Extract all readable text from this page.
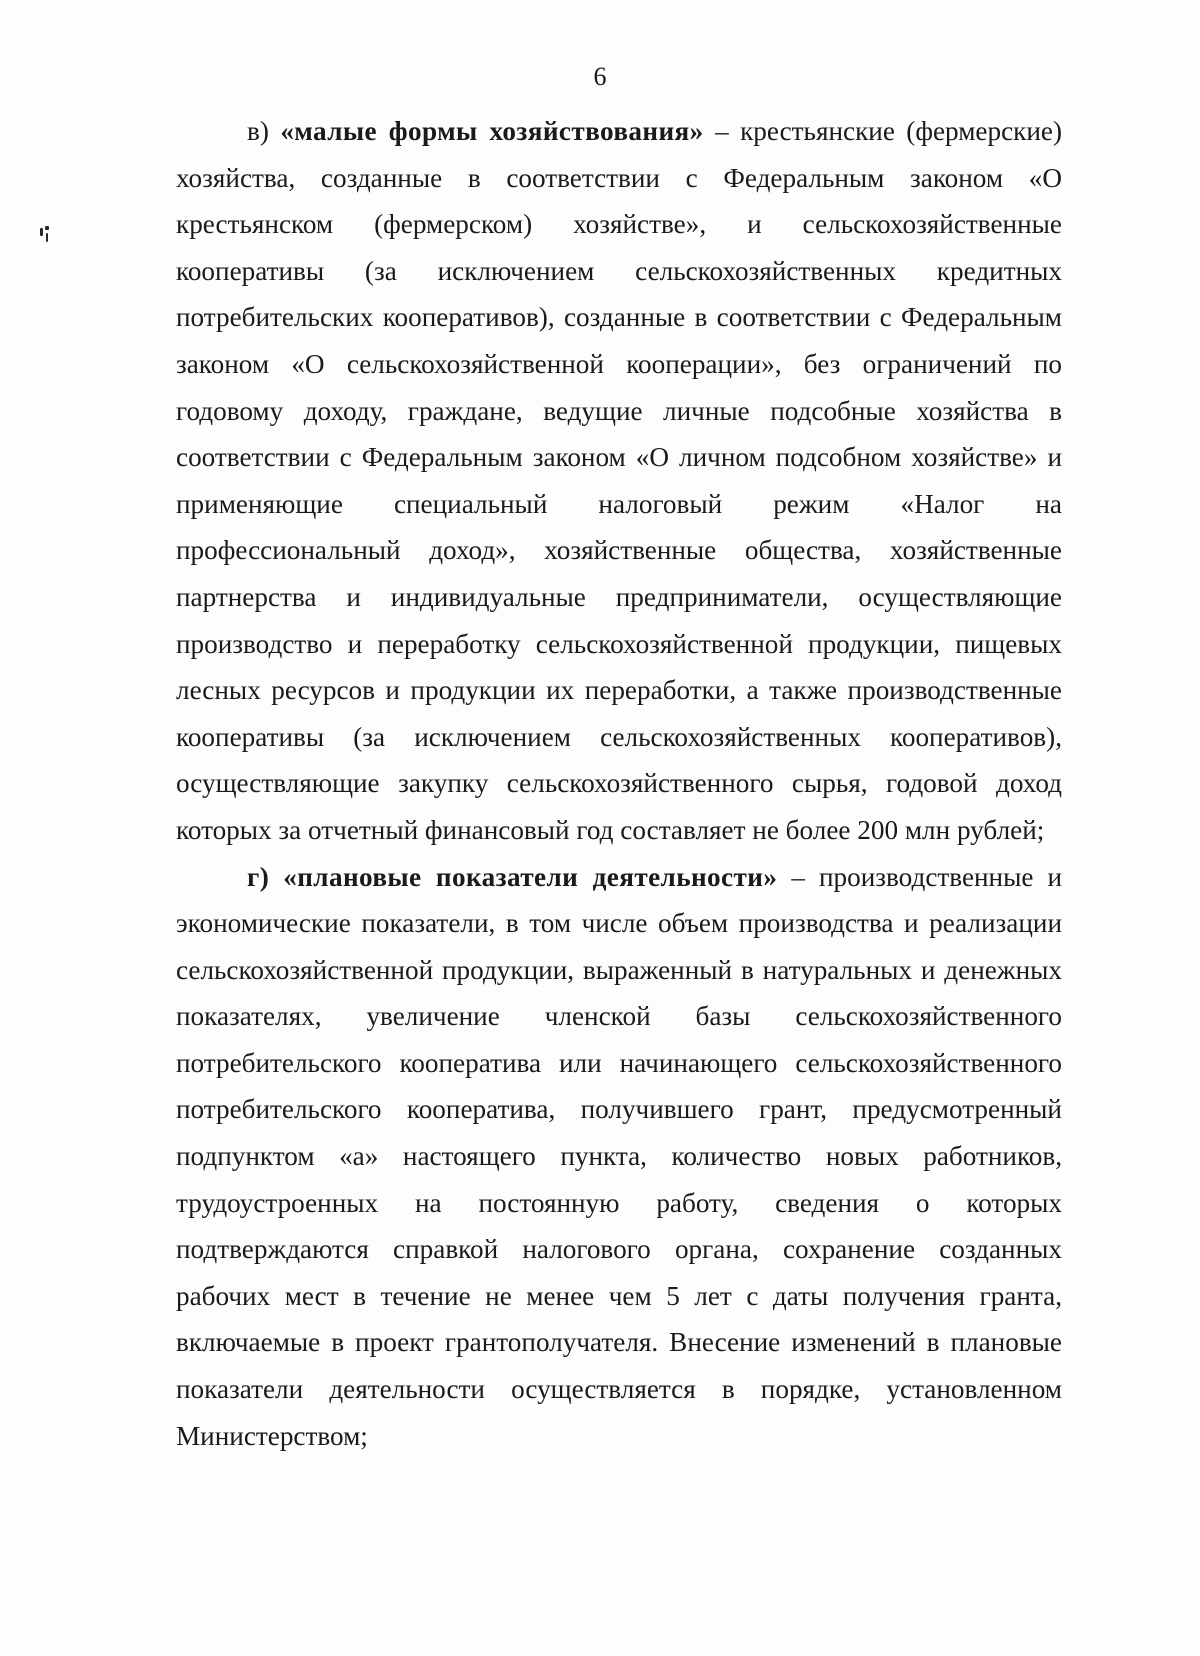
6

в) «малые формы хозяйствования» – крестьянские (фермерские) хозяйства, созданные в соответствии с Федеральным законом «О крестьянском (фермерском) хозяйстве», и сельскохозяйственные кооперативы (за исключением сельскохозяйственных кредитных потребительских кооперативов), созданные в соответствии с Федеральным законом «О сельскохозяйственной кооперации», без ограничений по годовому доходу, граждане, ведущие личные подсобные хозяйства в соответствии с Федеральным законом «О личном подсобном хозяйстве» и применяющие специальный налоговый режим «Налог на профессиональный доход», хозяйственные общества, хозяйственные партнерства и индивидуальные предприниматели, осуществляющие производство и переработку сельскохозяйственной продукции, пищевых лесных ресурсов и продукции их переработки, а также производственные кооперативы (за исключением сельскохозяйственных кооперативов), осуществляющие закупку сельскохозяйственного сырья, годовой доход которых за отчетный финансовый год составляет не более 200 млн рублей;

г) «плановые показатели деятельности» – производственные и экономические показатели, в том числе объем производства и реализации сельскохозяйственной продукции, выраженный в натуральных и денежных показателях, увеличение членской базы сельскохозяйственного потребительского кооператива или начинающего сельскохозяйственного потребительского кооператива, получившего грант, предусмотренный подпунктом «а» настоящего пункта, количество новых работников, трудоустроенных на постоянную работу, сведения о которых подтверждаются справкой налогового органа, сохранение созданных рабочих мест в течение не менее чем 5 лет с даты получения гранта, включаемые в проект грантополучателя. Внесение изменений в плановые показатели деятельности осуществляется в порядке, установленном Министерством;
